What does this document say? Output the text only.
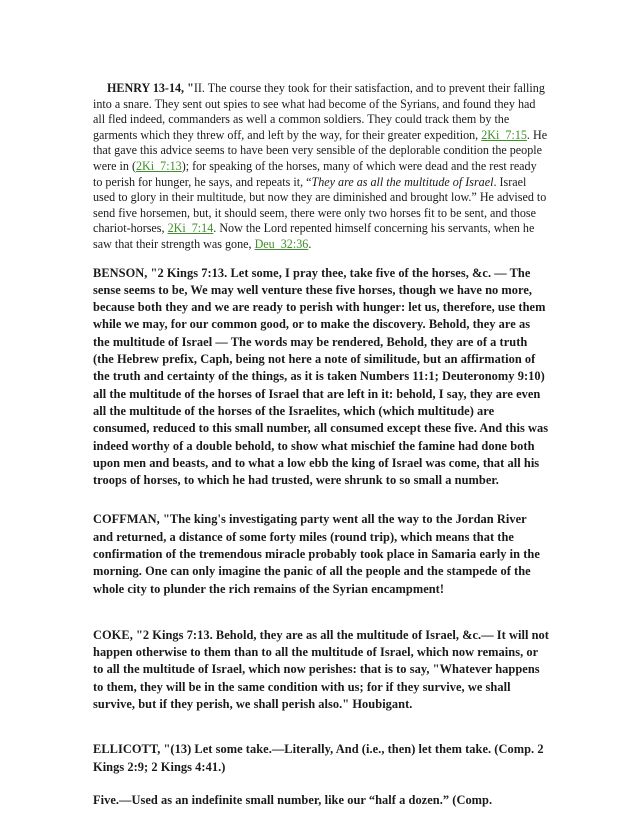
HENRY 13-14, "II. The course they took for their satisfaction, and to prevent their falling into a snare. They sent out spies to see what had become of the Syrians, and found they had all fled indeed, commanders as well a common soldiers. They could track them by the garments which they threw off, and left by the way, for their greater expedition, 2Ki_7:15. He that gave this advice seems to have been very sensible of the deplorable condition the people were in (2Ki_7:13); for speaking of the horses, many of which were dead and the rest ready to perish for hunger, he says, and repeats it, “They are as all the multitude of Israel. Israel used to glory in their multitude, but now they are diminished and brought low.” He advised to send five horsemen, but, it should seem, there were only two horses fit to be sent, and those chariot-horses, 2Ki_7:14. Now the Lord repented himself concerning his servants, when he saw that their strength was gone, Deu_32:36.

BENSON, "2 Kings 7:13. Let some, I pray thee, take five of the horses, &c. — The sense seems to be, We may well venture these five horses, though we have no more, because both they and we are ready to perish with hunger: let us, therefore, use them while we may, for our common good, or to make the discovery. Behold, they are as the multitude of Israel — The words may be rendered, Behold, they are of a truth (the Hebrew prefix, Caph, being not here a note of similitude, but an affirmation of the truth and certainty of the things, as it is taken Numbers 11:1; Deuteronomy 9:10) all the multitude of the horses of Israel that are left in it: behold, I say, they are even all the multitude of the horses of the Israelites, which (which multitude) are consumed, reduced to this small number, all consumed except these five. And this was indeed worthy of a double behold, to show what mischief the famine had done both upon men and beasts, and to what a low ebb the king of Israel was come, that all his troops of horses, to which he had trusted, were shrunk to so small a number.

COFFMAN, "The king's investigating party went all the way to the Jordan River and returned, a distance of some forty miles (round trip), which means that the confirmation of the tremendous miracle probably took place in Samaria early in the morning. One can only imagine the panic of all the people and the stampede of the whole city to plunder the rich remains of the Syrian encampment!

COKE, "2 Kings 7:13. Behold, they are as all the multitude of Israel, &c.— It will not happen otherwise to them than to all the multitude of Israel, which now remains, or to all the multitude of Israel, which now perishes: that is to say, "Whatever happens to them, they will be in the same condition with us; for if they survive, we shall survive, but if they perish, we shall perish also." Houbigant.

ELLICOTT, "(13) Let some take.—Literally, And (i.e., then) let them take. (Comp. 2 Kings 2:9; 2 Kings 4:41.)

Five.—Used as an indefinite small number, like our “half a dozen.” (Comp.
